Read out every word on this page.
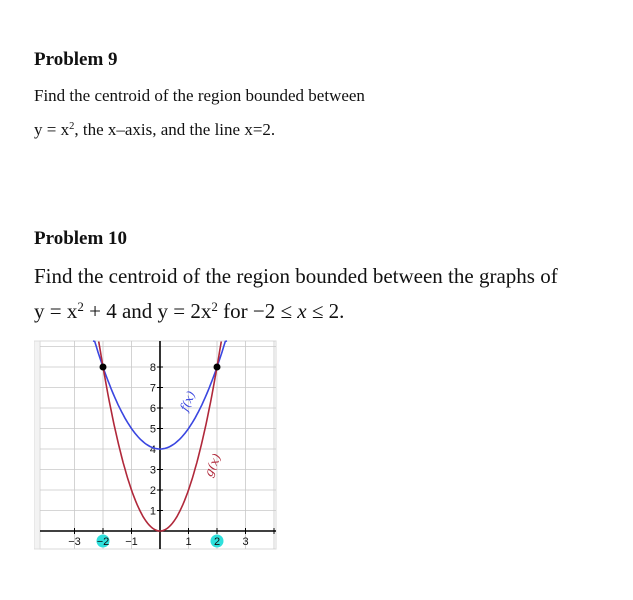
Problem 9
Find the centroid of the region bounded between
$y = x^2$, the x–axis, and the line x=2.
Problem 10
Find the centroid of the region bounded between the graphs of
$y = x^2 + 4$ and $y = 2x^2$ for −2 ≤ x ≤ 2.
−3 −2 −1	1 2 3
1
2
3
4
5
6
7
8
f(x)
g(x)
